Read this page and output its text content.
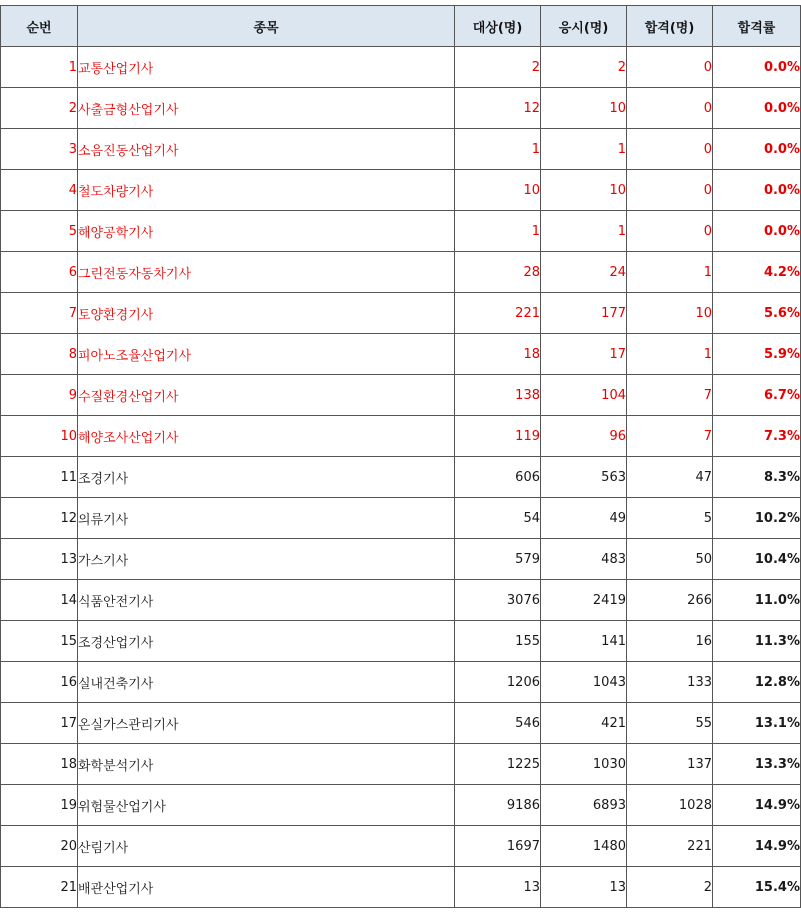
순번	종목	대상(명)	응시(명)	합격(명)	합격률
1	교통산업기사	2	2	0	0.0%
2	사출금형산업기사	12	10	0	0.0%
3	소음진동산업기사	1	1	0	0.0%
4	철도차량기사	10	10	0	0.0%
5	해양공학기사	1	1	0	0.0%
6	그린전동자동차기사	28	24	1	4.2%
7	토양환경기사	221	177	10	5.6%
8	피아노조율산업기사	18	17	1	5.9%
9	수질환경산업기사	138	104	7	6.7%
10	해양조사산업기사	119	96	7	7.3%
11	조경기사	606	563	47	8.3%
12	의류기사	54	49	5	10.2%
13	가스기사	579	483	50	10.4%
14	식품안전기사	3076	2419	266	11.0%
15	조경산업기사	155	141	16	11.3%
16	실내건축기사	1206	1043	133	12.8%
17	온실가스관리기사	546	421	55	13.1%
18	화학분석기사	1225	1030	137	13.3%
19	위험물산업기사	9186	6893	1028	14.9%
20	산림기사	1697	1480	221	14.9%
21	배관산업기사	13	13	2	15.4%
